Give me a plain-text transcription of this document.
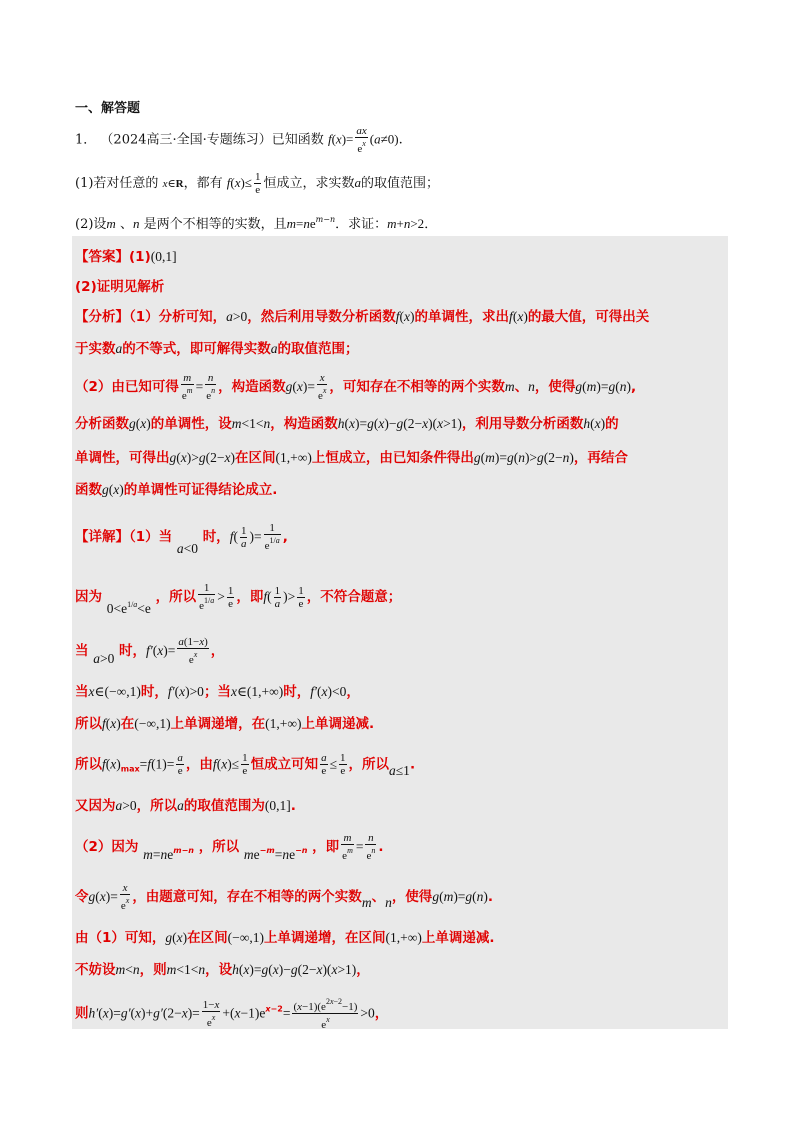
一、解答题
1． （2024高三·全国·专题练习）已知函数 $f(x)= \frac{ax}{e^x} (a\ne 0)$.
(1)若对任意的 x∈R，都有 $f(x)\le \frac{1}{e}$ 恒成立，求实数a的取值范围；
(2)设m 、n 是两个不相等的实数，且$m=ne^{m-n}$．求证：m+n>2．
【答案】(1)(0,1]
(2)证明见解析
【分析】（1）分析可知，a>0，然后利用导数分析函数f(x)的单调性，求出f(x)的最大值，可得出关
于实数a的不等式，即可解得实数a的取值范围；
（2）由已知可得 $\frac{m}{e^m} = \frac{n}{e^n}$ ，构造函数$g(x)= \frac{x}{e^x}$ ，可知存在不相等的两个实数m、n，使得g(m)=g(n),
分析函数g(x)的单调性，设m<1<n，构造函数h(x)=g(x)−g(2−x)(x>1)，利用导数分析函数h(x)的
单调性，可得出g(x)>g(2−x)在区间(1,+∞)上恒成立，由已知条件得出g(m)=g(n)>g(2−n)，再结合
函数g(x)的单调性可证得结论成立.
【详解】（1）当 a<0 时，$f( \frac{1}{a}$ )= $\frac{1}{e^{1/a}}$ ,
因为 $0<e^{1/a}<e$ ，所以 $\frac{1}{e^{1/a}} > \frac{1}{e}$ ，即$f( \frac{1}{a}$ )> $\frac{1}{e}$ ，不符合题意；
当 a>0 时，$f'(x)= \frac{a(1-x)}{e^x}$ ，
当x∈(−∞,1)时，f′(x)>0；当x∈(1,+∞)时，f′(x)<0，
所以f(x)在(−∞,1)上单调递增，在(1,+∞)上单调递减.
所以$f(x)_{max}=f(1)= \frac{a}{e}$ ，由$f(x)\le \frac{1}{e}$ 恒成立可知 $\frac{a}{e} \le \frac{1}{e}$ ，所以a≤1.
又因为a>0，所以a的取值范围为(0,1].
（2）因为 $m=ne^{m-n}$ ，所以 $me^{-m}=ne^{-n}$ ，即 $\frac{m}{e^m} = \frac{n}{e^n}$ .
令$g(x)= \frac{x}{e^x}$ ，由题意可知，存在不相等的两个实数m、n，使得g(m)=g(n).
由（1）可知，g(x)在区间(−∞,1)上单调递增，在区间(1,+∞)上单调递减.
不妨设m<n，则m<1<n，设h(x)=g(x)−g(2−x)(x>1)，
则$h'(x)=g'(x)+g'(2-x)= \frac{1-x}{e^x} +(x-1)e^{x-2}= \frac{(x-1)(e^{2x-2}-1)}{e^x} >0$，
